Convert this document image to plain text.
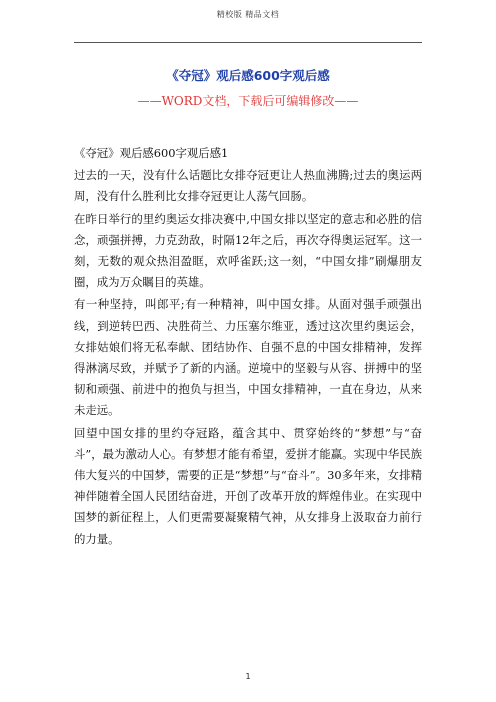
精校版 精品文档
《夺冠》观后感600字观后感
——WORD文档，下载后可编辑修改——

《夺冠》观后感600字观后感1

过去的一天，没有什么话题比女排夺冠更让人热血沸腾;过去的奥运两周，没有什么胜利比女排夺冠更让人荡气回肠。

在昨日举行的里约奥运女排决赛中,中国女排以坚定的意志和必胜的信念，顽强拼搏，力克劲敌，时隔12年之后，再次夺得奥运冠军。这一刻，无数的观众热泪盈眶，欢呼雀跃;这一刻，“中国女排”刷爆朋友圈，成为万众瞩目的英雄。

有一种坚持，叫郎平;有一种精神，叫中国女排。从面对强手顽强出线，到逆转巴西、决胜荷兰、力压塞尔维亚，透过这次里约奥运会，女排姑娘们将无私奉献、团结协作、自强不息的中国女排精神，发挥得淋漓尽致，并赋予了新的内涵。逆境中的坚毅与从容、拼搏中的坚韧和顽强、前进中的抱负与担当，中国女排精神，一直在身边，从来未走远。

回望中国女排的里约夺冠路，蕴含其中、贯穿始终的“梦想”与“奋斗”，最为激动人心。有梦想才能有希望，爱拼才能赢。实现中华民族伟大复兴的中国梦，需要的正是“梦想”与“奋斗”。30多年来，女排精神伴随着全国人民团结奋进，开创了改革开放的辉煌伟业。在实现中国梦的新征程上，人们更需要凝聚精气神，从女排身上汲取奋力前行的力量。

1
